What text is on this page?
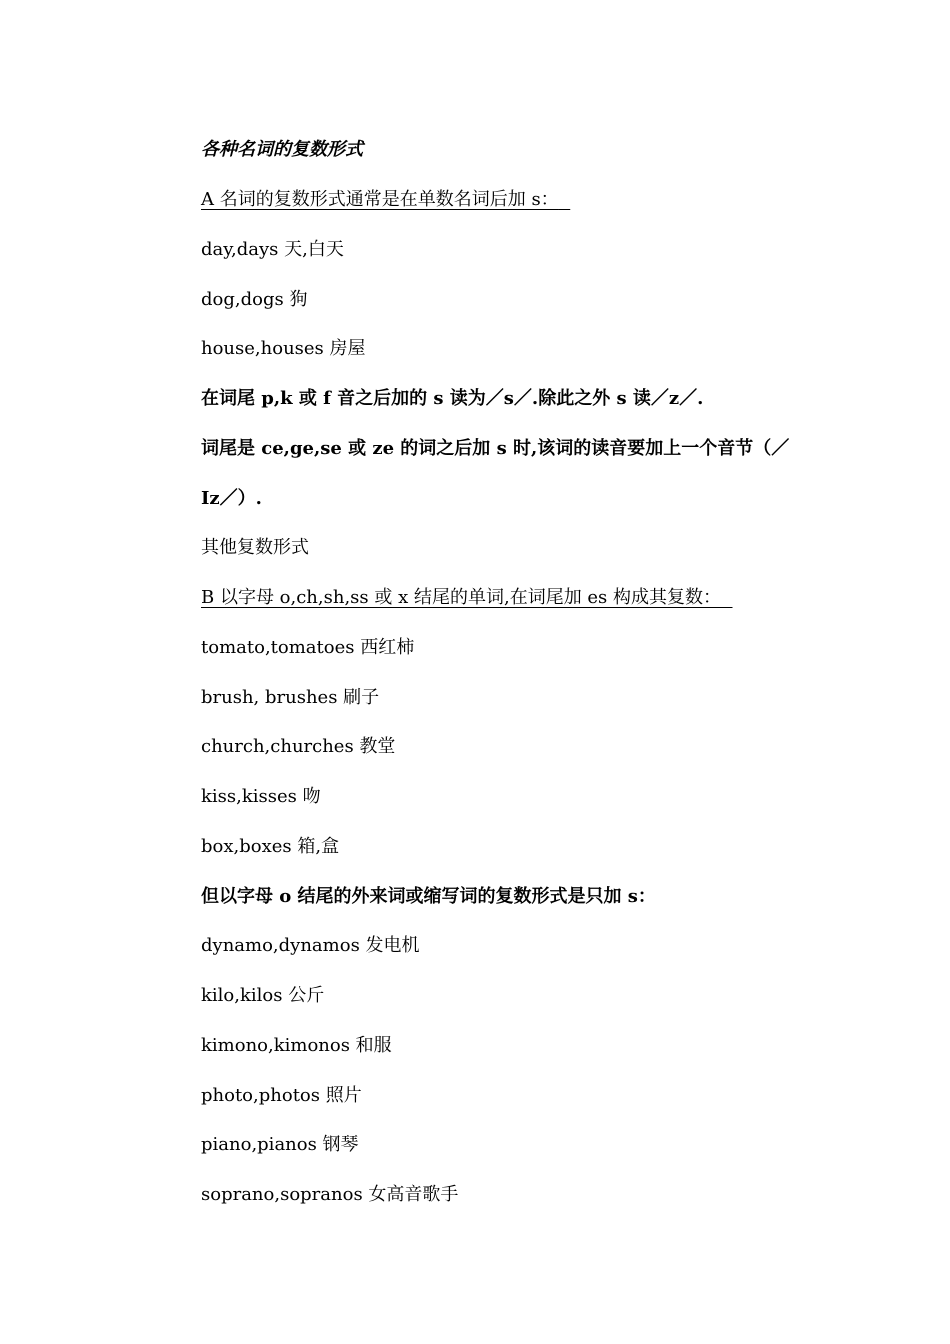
各种名词的复数形式
A 名词的复数形式通常是在单数名词后加 s：
day,days 天,白天
dog,dogs 狗
house,houses 房屋
在词尾 p,k 或 f 音之后加的 s 读为／s／.除此之外 s 读／z／.
词尾是 ce,ge,se 或 ze 的词之后加 s 时,该词的读音要加上一个音节（／
Iz／）.
其他复数形式
B 以字母 o,ch,sh,ss 或 x 结尾的单词,在词尾加 es 构成其复数：
tomato,tomatoes 西红柿
brush, brushes 刷子
church,churches 教堂
kiss,kisses 吻
box,boxes 箱,盒
但以字母 o 结尾的外来词或缩写词的复数形式是只加 s：
dynamo,dynamos 发电机
kilo,kilos 公斤
kimono,kimonos 和服
photo,photos 照片
piano,pianos 钢琴
soprano,sopranos 女高音歌手
